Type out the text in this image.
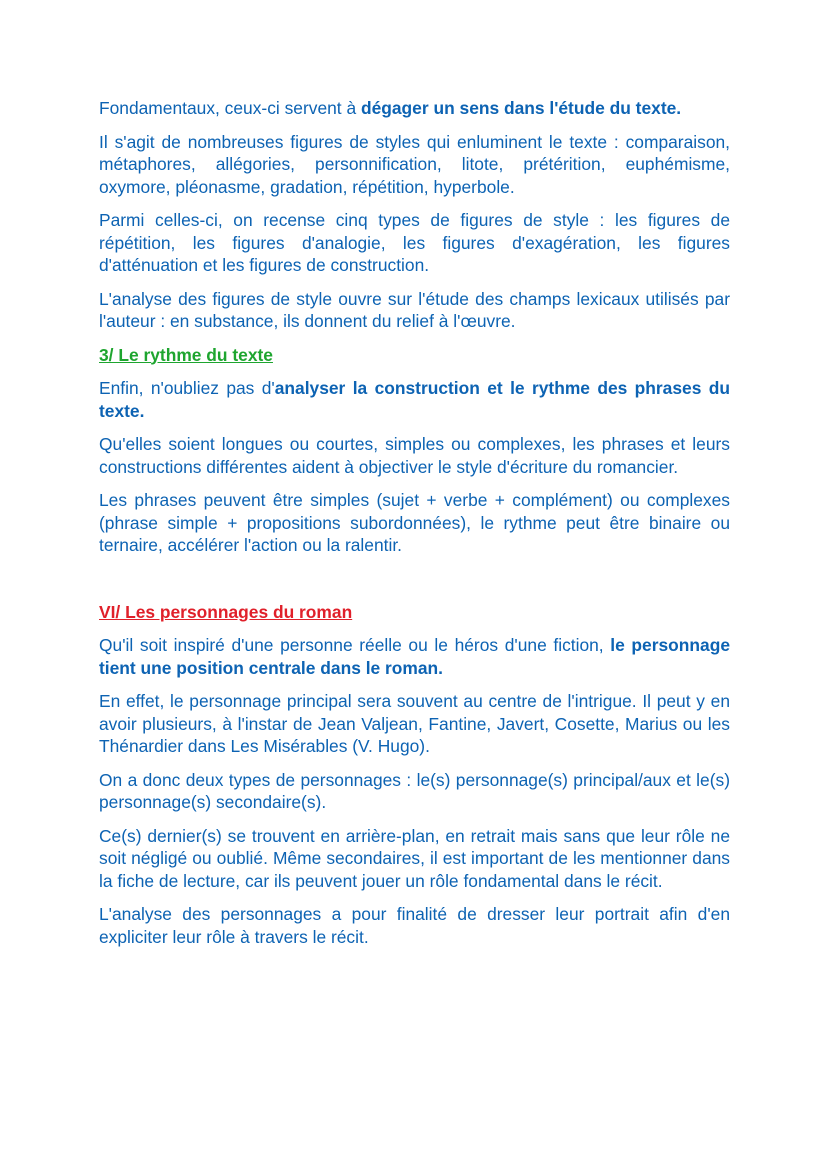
Fondamentaux, ceux-ci servent à dégager un sens dans l'étude du texte.

Il s'agit de nombreuses figures de styles qui enluminent le texte : comparaison, métaphores, allégories, personnification, litote, prétérition, euphémisme, oxymore, pléonasme, gradation, répétition, hyperbole.

Parmi celles-ci, on recense cinq types de figures de style : les figures de répétition, les figures d'analogie, les figures d'exagération, les figures d'atténuation et les figures de construction.

L'analyse des figures de style ouvre sur l'étude des champs lexicaux utilisés par l'auteur : en substance, ils donnent du relief à l'œuvre.

3/ Le rythme du texte

Enfin, n'oubliez pas d'analyser la construction et le rythme des phrases du texte.

Qu'elles soient longues ou courtes, simples ou complexes, les phrases et leurs constructions différentes aident à objectiver le style d'écriture du romancier.

Les phrases peuvent être simples (sujet + verbe + complément) ou complexes (phrase simple + propositions subordonnées), le rythme peut être binaire ou ternaire, accélérer l'action ou la ralentir.

VI/ Les personnages du roman

Qu'il soit inspiré d'une personne réelle ou le héros d'une fiction, le personnage tient une position centrale dans le roman.

En effet, le personnage principal sera souvent au centre de l'intrigue. Il peut y en avoir plusieurs, à l'instar de Jean Valjean, Fantine, Javert, Cosette, Marius ou les Thénardier dans Les Misérables (V. Hugo).

On a donc deux types de personnages : le(s) personnage(s) principal/aux et le(s) personnage(s) secondaire(s).

Ce(s) dernier(s) se trouvent en arrière-plan, en retrait mais sans que leur rôle ne soit négligé ou oublié. Même secondaires, il est important de les mentionner dans la fiche de lecture, car ils peuvent jouer un rôle fondamental dans le récit.

L'analyse des personnages a pour finalité de dresser leur portrait afin d'en expliciter leur rôle à travers le récit.
